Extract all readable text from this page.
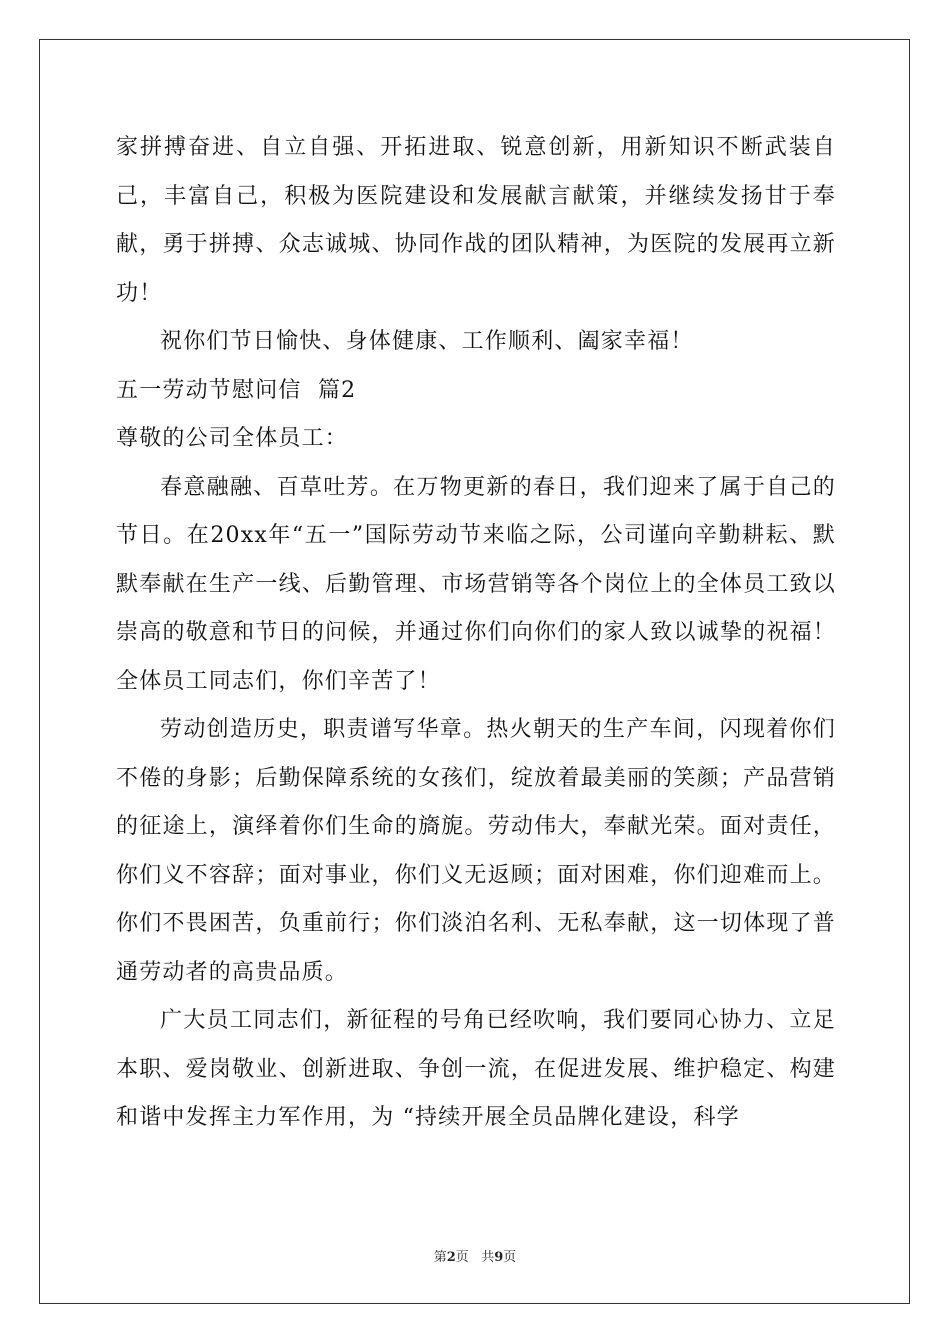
家拼搏奋进、自立自强、开拓进取、锐意创新，用新知识不断武装自己，丰富自己，积极为医院建设和发展献言献策，并继续发扬甘于奉献，勇于拼搏、众志诚城、协同作战的团队精神，为医院的发展再立新功！

祝你们节日愉快、身体健康、工作顺利、阖家幸福！

五一劳动节慰问信  篇2

尊敬的公司全体员工：

春意融融、百草吐芳。在万物更新的春日，我们迎来了属于自己的节日。在20xx年“五一”国际劳动节来临之际，公司谨向辛勤耕耘、默默奉献在生产一线、后勤管理、市场营销等各个岗位上的全体员工致以崇高的敬意和节日的问候，并通过你们向你们的家人致以诚挚的祝福！全体员工同志们，你们辛苦了！

劳动创造历史，职责谱写华章。热火朝天的生产车间，闪现着你们不倦的身影；后勤保障系统的女孩们，绽放着最美丽的笑颜；产品营销的征途上，演绎着你们生命的旖旎。劳动伟大，奉献光荣。面对责任，你们义不容辞；面对事业，你们义无返顾；面对困难，你们迎难而上。你们不畏困苦，负重前行；你们淡泊名利、无私奉献，这一切体现了普通劳动者的高贵品质。

广大员工同志们，新征程的号角已经吹响，我们要同心协力、立足本职、爱岗敬业、创新进取、争创一流，在促进发展、维护稳定、构建和谐中发挥主力军作用，为 “持续开展全员品牌化建设，科学

第2页 共9页
